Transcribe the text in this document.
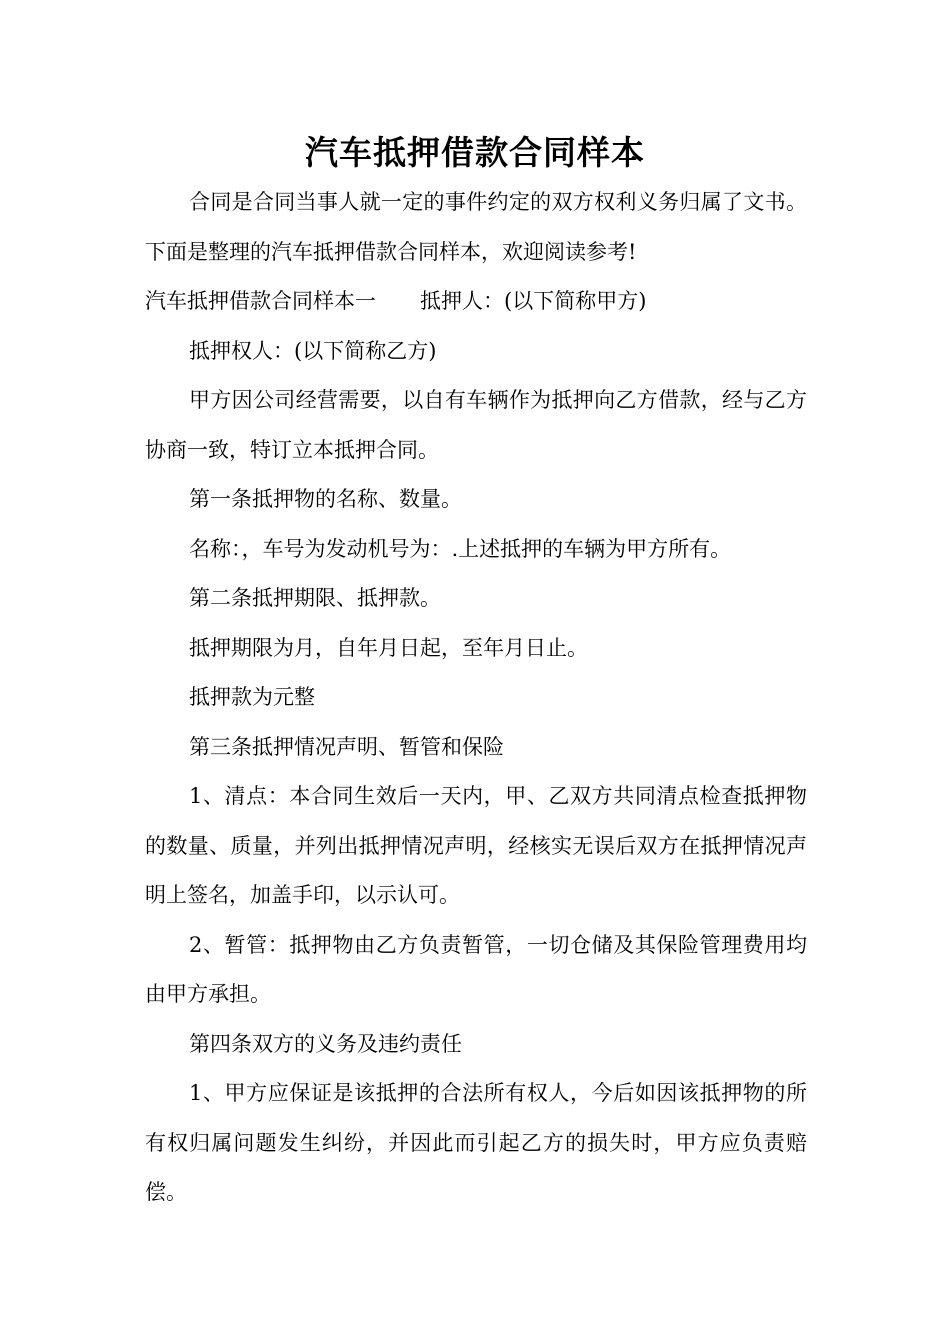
汽车抵押借款合同样本

合同是合同当事人就一定的事件约定的双方权利义务归属了文书。下面是整理的汽车抵押借款合同样本，欢迎阅读参考!

汽车抵押借款合同样本一 抵押人：(以下简称甲方)

抵押权人：(以下简称乙方)

甲方因公司经营需要，以自有车辆作为抵押向乙方借款，经与乙方协商一致，特订立本抵押合同。

第一条抵押物的名称、数量。

名称：，车号为发动机号为：.上述抵押的车辆为甲方所有。

第二条抵押期限、抵押款。

抵押期限为月，自年月日起，至年月日止。

抵押款为元整

第三条抵押情况声明、暂管和保险

1、清点：本合同生效后一天内，甲、乙双方共同清点检查抵押物的数量、质量，并列出抵押情况声明，经核实无误后双方在抵押情况声明上签名，加盖手印，以示认可。

2、暂管：抵押物由乙方负责暂管，一切仓储及其保险管理费用均由甲方承担。

第四条双方的义务及违约责任

1、甲方应保证是该抵押的合法所有权人，今后如因该抵押物的所有权归属问题发生纠纷，并因此而引起乙方的损失时，甲方应负责赔偿。
